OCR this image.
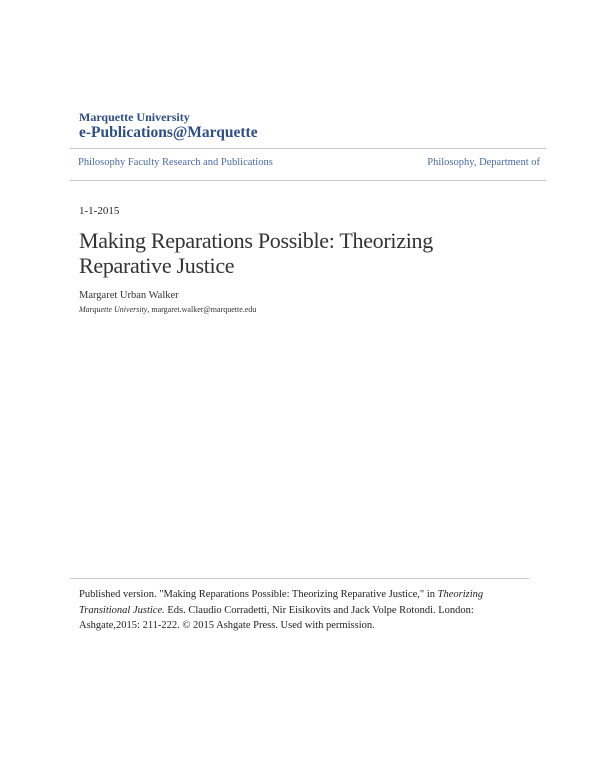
Marquette University
e-Publications@Marquette
Philosophy Faculty Research and Publications	Philosophy, Department of
1-1-2015
Making Reparations Possible: Theorizing Reparative Justice
Margaret Urban Walker
Marquette University, margaret.walker@marquette.edu

Published version. "Making Reparations Possible: Theorizing Reparative Justice," in Theorizing Transitional Justice. Eds. Claudio Corradetti, Nir Eisikovits and Jack Volpe Rotondi. London: Ashgate,2015: 211-222. © 2015 Ashgate Press. Used with permission.
